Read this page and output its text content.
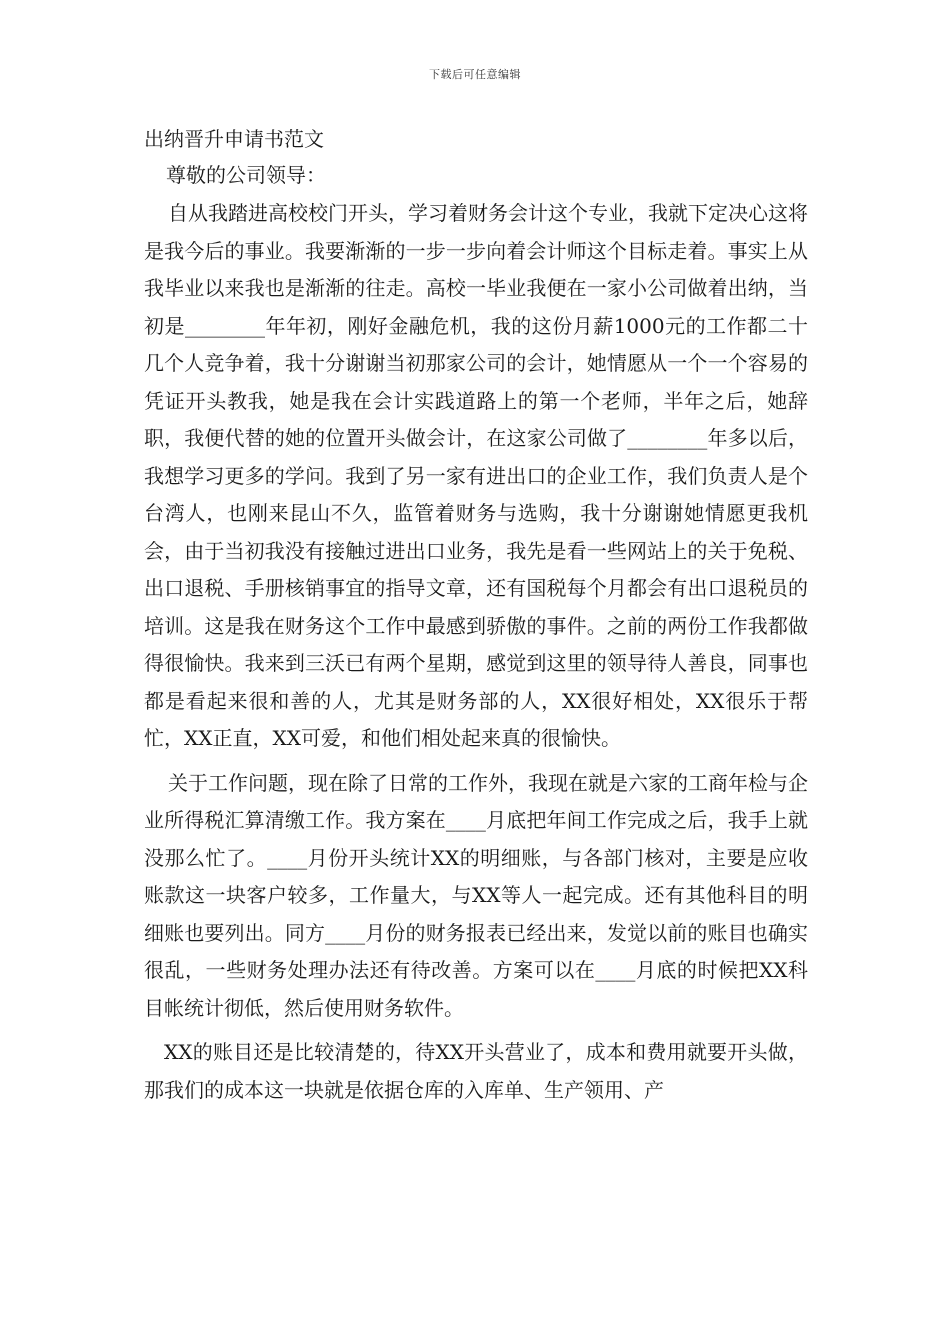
下载后可任意编辑
出纳晋升申请书范文
尊敬的公司领导：

自从我踏进高校校门开头，学习着财务会计这个专业，我就下定决心这将是我今后的事业。我要渐渐的一步一步向着会计师这个目标走着。事实上从我毕业以来我也是渐渐的往走。高校一毕业我便在一家小公司做着出纳，当初是________年年初，刚好金融危机，我的这份月薪1000元的工作都二十几个人竞争着，我十分谢谢当初那家公司的会计，她情愿从一个一个容易的凭证开头教我，她是我在会计实践道路上的第一个老师，半年之后，她辞职，我便代替的她的位置开头做会计，在这家公司做了________年多以后，我想学习更多的学问。我到了另一家有进出口的企业工作，我们负责人是个台湾人，也刚来昆山不久，监管着财务与选购，我十分谢谢她情愿更我机会，由于当初我没有接触过进出口业务，我先是看一些网站上的关于免税、出口退税、手册核销事宜的指导文章，还有国税每个月都会有出口退税员的培训。这是我在财务这个工作中最感到骄傲的事件。之前的两份工作我都做得很愉快。我来到三沃已有两个星期，感觉到这里的领导待人善良，同事也都是看起来很和善的人，尤其是财务部的人，XX很好相处，XX很乐于帮忙，XX正直，XX可爱，和他们相处起来真的很愉快。

关于工作问题，现在除了日常的工作外，我现在就是六家的工商年检与企业所得税汇算清缴工作。我方案在____月底把年间工作完成之后，我手上就没那么忙了。____月份开头统计XX的明细账，与各部门核对，主要是应收账款这一块客户较多，工作量大，与XX等人一起完成。还有其他科目的明细账也要列出。同方____月份的财务报表已经出来，发觉以前的账目也确实很乱，一些财务处理办法还有待改善。方案可以在____月底的时候把XX科目帐统计彻低，然后使用财务软件。

XX的账目还是比较清楚的，待XX开头营业了，成本和费用就要开头做，那我们的成本这一块就是依据仓库的入库单、生产领用、产
